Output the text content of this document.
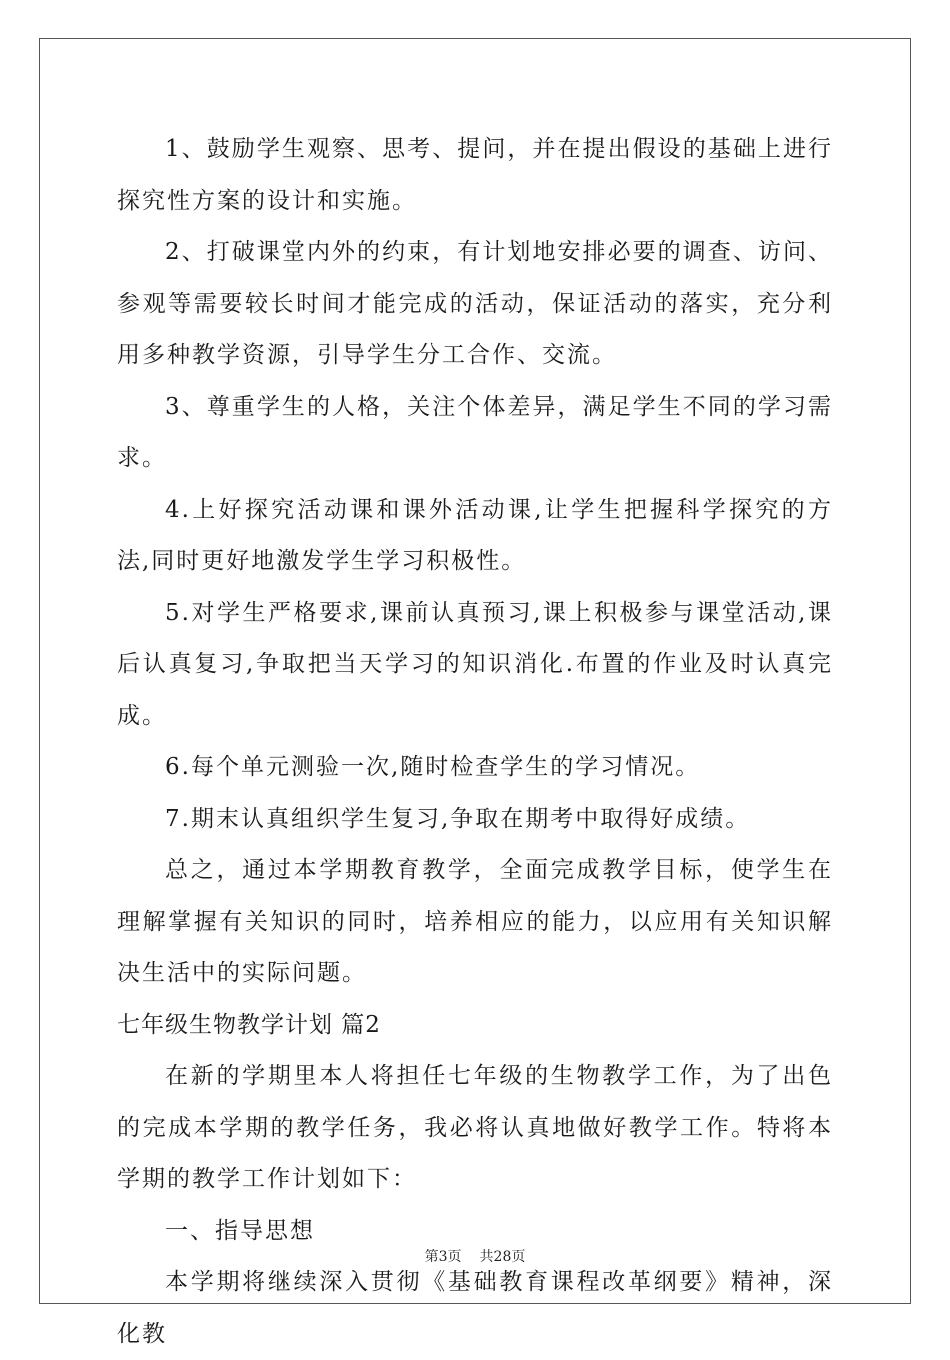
1、鼓励学生观察、思考、提问，并在提出假设的基础上进行探究性方案的设计和实施。

2、打破课堂内外的约束，有计划地安排必要的调查、访问、参观等需要较长时间才能完成的活动，保证活动的落实，充分利用多种教学资源，引导学生分工合作、交流。

3、尊重学生的人格，关注个体差异，满足学生不同的学习需求。

4.上好探究活动课和课外活动课,让学生把握科学探究的方法,同时更好地激发学生学习积极性。

5.对学生严格要求,课前认真预习,课上积极参与课堂活动,课后认真复习,争取把当天学习的知识消化.布置的作业及时认真完成。

6.每个单元测验一次,随时检查学生的学习情况。

7.期末认真组织学生复习,争取在期考中取得好成绩。

总之，通过本学期教育教学，全面完成教学目标，使学生在理解掌握有关知识的同时，培养相应的能力，以应用有关知识解决生活中的实际问题。

七年级生物教学计划 篇2

在新的学期里本人将担任七年级的生物教学工作，为了出色的完成本学期的教学任务，我必将认真地做好教学工作。特将本学期的教学工作计划如下：

一、指导思想

本学期将继续深入贯彻《基础教育课程改革纲要》精神，深化教

第3页 共28页
